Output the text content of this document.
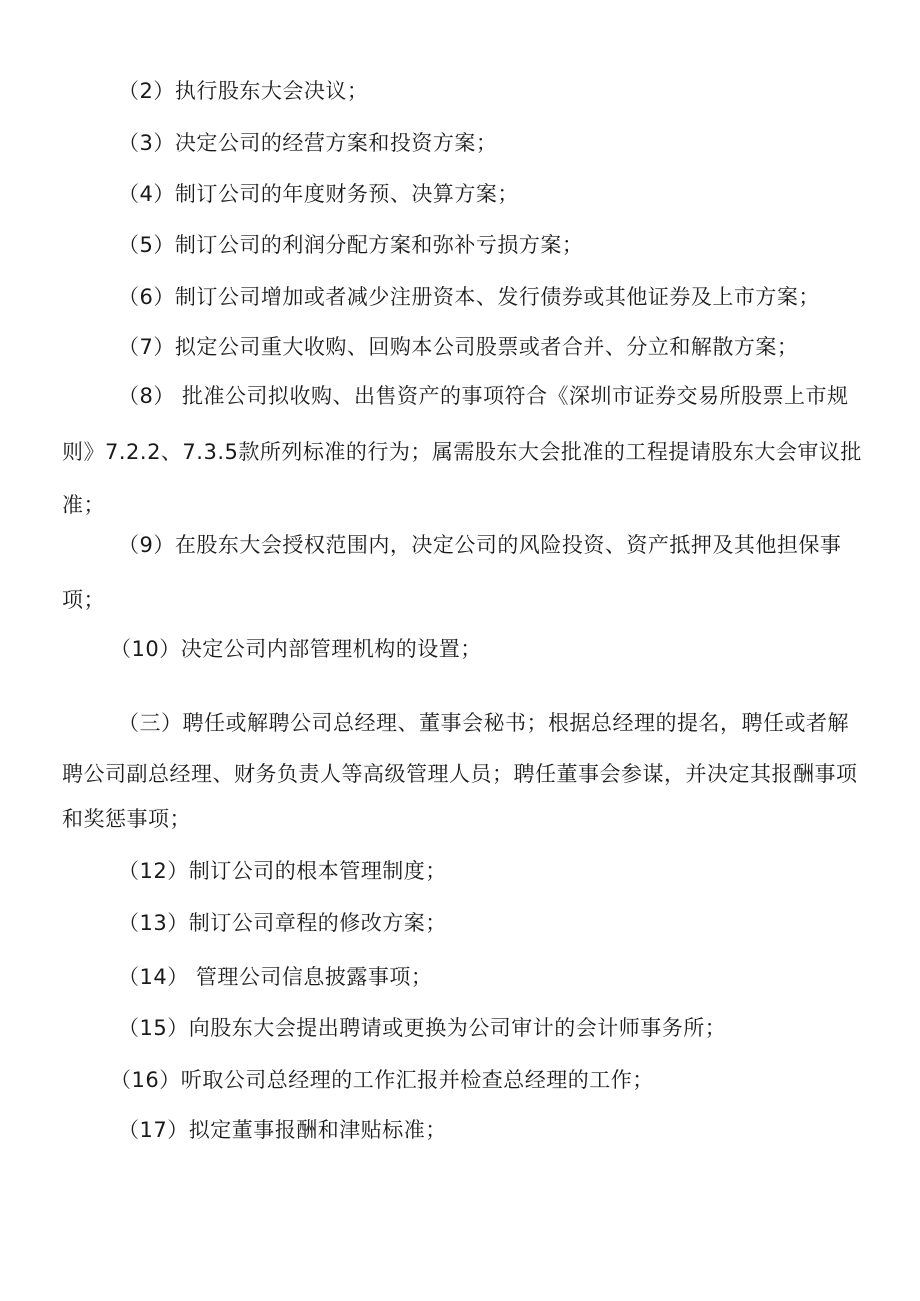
（2）执行股东大会决议；

（3）决定公司的经营方案和投资方案；

（4）制订公司的年度财务预、决算方案；

（5）制订公司的利润分配方案和弥补亏损方案；

（6）制订公司增加或者减少注册资本、发行债券或其他证券及上市方案；

（7）拟定公司重大收购、回购本公司股票或者合并、分立和解散方案；

（8） 批准公司拟收购、出售资产的事项符合《深圳市证券交易所股票上市规
则》7.2.2、7.3.5款所列标准的行为；属需股东大会批准的工程提请股东大会审议批
准；
（9）在股东大会授权范围内，决定公司的风险投资、资产抵押及其他担保事
项；

（10）决定公司内部管理机构的设置；

（三）聘任或解聘公司总经理、董事会秘书；根据总经理的提名，聘任或者解
聘公司副总经理、财务负责人等高级管理人员；聘任董事会参谋，并决定其报酬事项
和奖惩事项；

（12）制订公司的根本管理制度；

（13）制订公司章程的修改方案；

（14） 管理公司信息披露事项；

（15）向股东大会提出聘请或更换为公司审计的会计师事务所；

（16）听取公司总经理的工作汇报并检查总经理的工作；

（17）拟定董事报酬和津贴标准；
